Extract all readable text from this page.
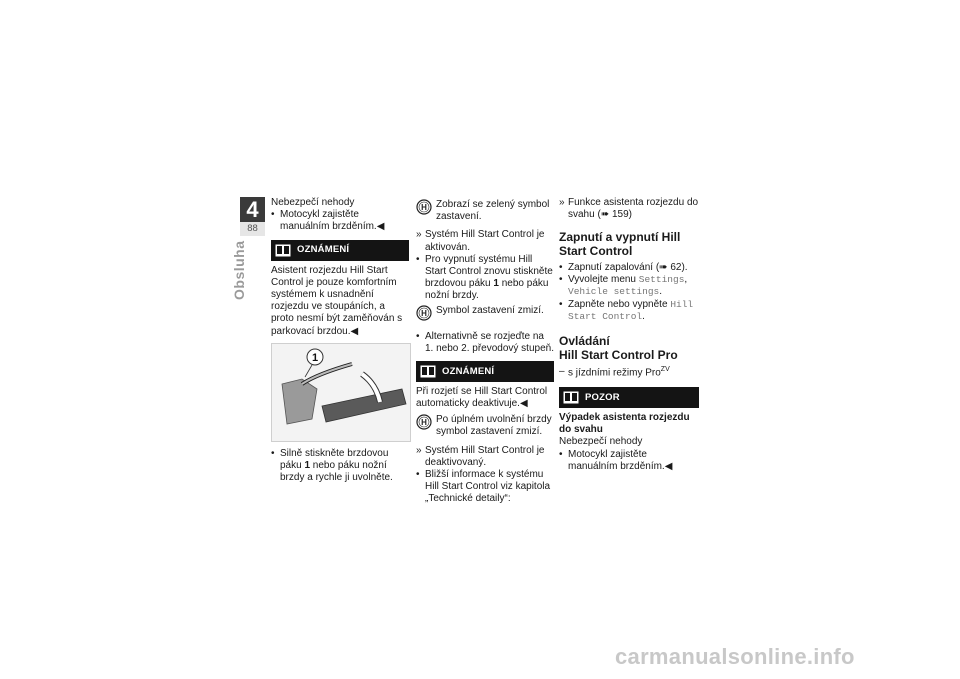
4
88
Obsluha

Nebezpečí nehody

• Motocykl zajistěte manuálním brzděním.◀

OZNÁMENÍ

Asistent rozjezdu Hill Start Control je pouze komfortním systémem k usnadnění rozjezdu ve stoupáních, a proto nesmí být zaměňován s parkovací brzdou.◀

1

• Silně stiskněte brzdovou páku 1 nebo páku nožní brzdy a rychle ji uvolněte.

H Zobrazí se zelený symbol zastavení.

» Systém Hill Start Control je aktivován.

• Pro vypnutí systému Hill Start Control znovu stiskněte brzdovou páku 1 nebo páku nožní brzdy.

H Symbol zastavení zmizí.

• Alternativně se rozjeďte na 1. nebo 2. převodový stupeň.

OZNÁMENÍ

Při rozjetí se Hill Start Control automaticky deaktivuje.◀

H Po úplném uvolnění brzdy symbol zastavení zmizí.

» Systém Hill Start Control je deaktivovaný.

• Bližší informace k systému Hill Start Control viz kapitola „Technické detaily“:

» Funkce asistenta rozjezdu do svahu (➠ 159)

Zapnutí a vypnutí Hill Start Control

• Zapnutí zapalování (➠ 62).

• Vyvolejte menu Settings,
Vehicle settings.

• Zapněte nebo vypněte Hill Start Control.

Ovládání
Hill Start Control Pro

– s jízdními režimy Pro$^{ZV}$

POZOR

Výpadek asistenta rozjezdu do svahu

Nebezpečí nehody

• Motocykl zajistěte manuálním brzděním.◀

carmanualsonline.info
